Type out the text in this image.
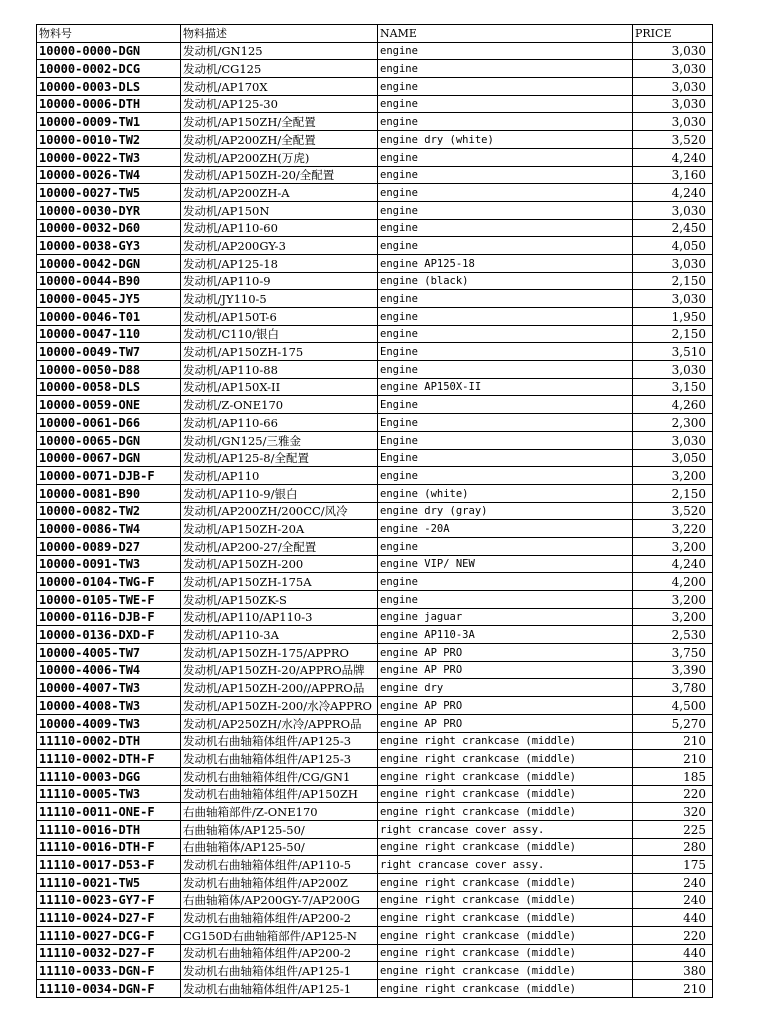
物料号	物料描述	NAME	PRICE
10000-0000-DGN	发动机/GN125	engine	3,030
10000-0002-DCG	发动机/CG125	engine	3,030
10000-0003-DLS	发动机/AP170X	engine	3,030
10000-0006-DTH	发动机/AP125-30	engine	3,030
10000-0009-TW1	发动机/AP150ZH/全配置	engine	3,030
10000-0010-TW2	发动机/AP200ZH/全配置	engine dry (white)	3,520
10000-0022-TW3	发动机/AP200ZH(万虎)	engine	4,240
10000-0026-TW4	发动机/AP150ZH-20/全配置	engine	3,160
10000-0027-TW5	发动机/AP200ZH-A	engine	4,240
10000-0030-DYR	发动机/AP150N	engine	3,030
10000-0032-D60	发动机/AP110-60	engine	2,450
10000-0038-GY3	发动机/AP200GY-3	engine	4,050
10000-0042-DGN	发动机/AP125-18	engine AP125-18	3,030
10000-0044-B90	发动机/AP110-9	engine (black)	2,150
10000-0045-JY5	发动机/JY110-5	engine	3,030
10000-0046-T01	发动机/AP150T-6	engine	1,950
10000-0047-110	发动机/C110/银白	engine	2,150
10000-0049-TW7	发动机/AP150ZH-175	Engine	3,510
10000-0050-D88	发动机/AP110-88	engine	3,030
10000-0058-DLS	发动机/AP150X-II	engine AP150X-II	3,150
10000-0059-ONE	发动机/Z-ONE170	Engine	4,260
10000-0061-D66	发动机/AP110-66	Engine	2,300
10000-0065-DGN	发动机/GN125/三雅金	Engine	3,030
10000-0067-DGN	发动机/AP125-8/全配置	Engine	3,050
10000-0071-DJB-F	发动机/AP110	engine	3,200
10000-0081-B90	发动机/AP110-9/银白	engine (white)	2,150
10000-0082-TW2	发动机/AP200ZH/200CC/风冷	engine dry (gray)	3,520
10000-0086-TW4	发动机/AP150ZH-20A	engine -20A	3,220
10000-0089-D27	发动机/AP200-27/全配置	engine	3,200
10000-0091-TW3	发动机/AP150ZH-200	engine VIP/ NEW	4,240
10000-0104-TWG-F	发动机/AP150ZH-175A	engine	4,200
10000-0105-TWE-F	发动机/AP150ZK-S	engine	3,200
10000-0116-DJB-F	发动机/AP110/AP110-3	engine jaguar	3,200
10000-0136-DXD-F	发动机/AP110-3A	engine AP110-3A	2,530
10000-4005-TW7	发动机/AP150ZH-175/APPRO	engine AP PRO	3,750
10000-4006-TW4	发动机/AP150ZH-20/APPRO品牌	engine AP PRO	3,390
10000-4007-TW3	发动机/AP150ZH-200//APPRO品	engine dry	3,780
10000-4008-TW3	发动机/AP150ZH-200/水冷APPRO	engine AP PRO	4,500
10000-4009-TW3	发动机/AP250ZH/水冷/APPRO品	engine AP PRO	5,270
11110-0002-DTH	发动机右曲轴箱体组件/AP125-3	engine right crankcase (middle)	210
11110-0002-DTH-F	发动机右曲轴箱体组件/AP125-3	engine right crankcase (middle)	210
11110-0003-DGG	发动机右曲轴箱体组件/CG/GN1	engine right crankcase (middle)	185
11110-0005-TW3	发动机右曲轴箱体组件/AP150ZH	engine right crankcase (middle)	220
11110-0011-ONE-F	右曲轴箱部件/Z-ONE170	engine right crankcase (middle)	320
11110-0016-DTH	右曲轴箱体/AP125-50/	right crancase cover assy.	225
11110-0016-DTH-F	右曲轴箱体/AP125-50/	engine right crankcase (middle)	280
11110-0017-D53-F	发动机右曲轴箱体组件/AP110-5	right crancase cover assy.	175
11110-0021-TW5	发动机右曲轴箱体组件/AP200Z	engine right crankcase (middle)	240
11110-0023-GY7-F	右曲轴箱体/AP200GY-7/AP200G	engine right crankcase (middle)	240
11110-0024-D27-F	发动机右曲轴箱体组件/AP200-2	engine right crankcase (middle)	440
11110-0027-DCG-F	CG150D右曲轴箱部件/AP125-N	engine right crankcase (middle)	220
11110-0032-D27-F	发动机右曲轴箱体组件/AP200-2	engine right crankcase (middle)	440
11110-0033-DGN-F	发动机右曲轴箱体组件/AP125-1	engine right crankcase (middle)	380
11110-0034-DGN-F	发动机右曲轴箱体组件/AP125-1	engine right crankcase (middle)	210
